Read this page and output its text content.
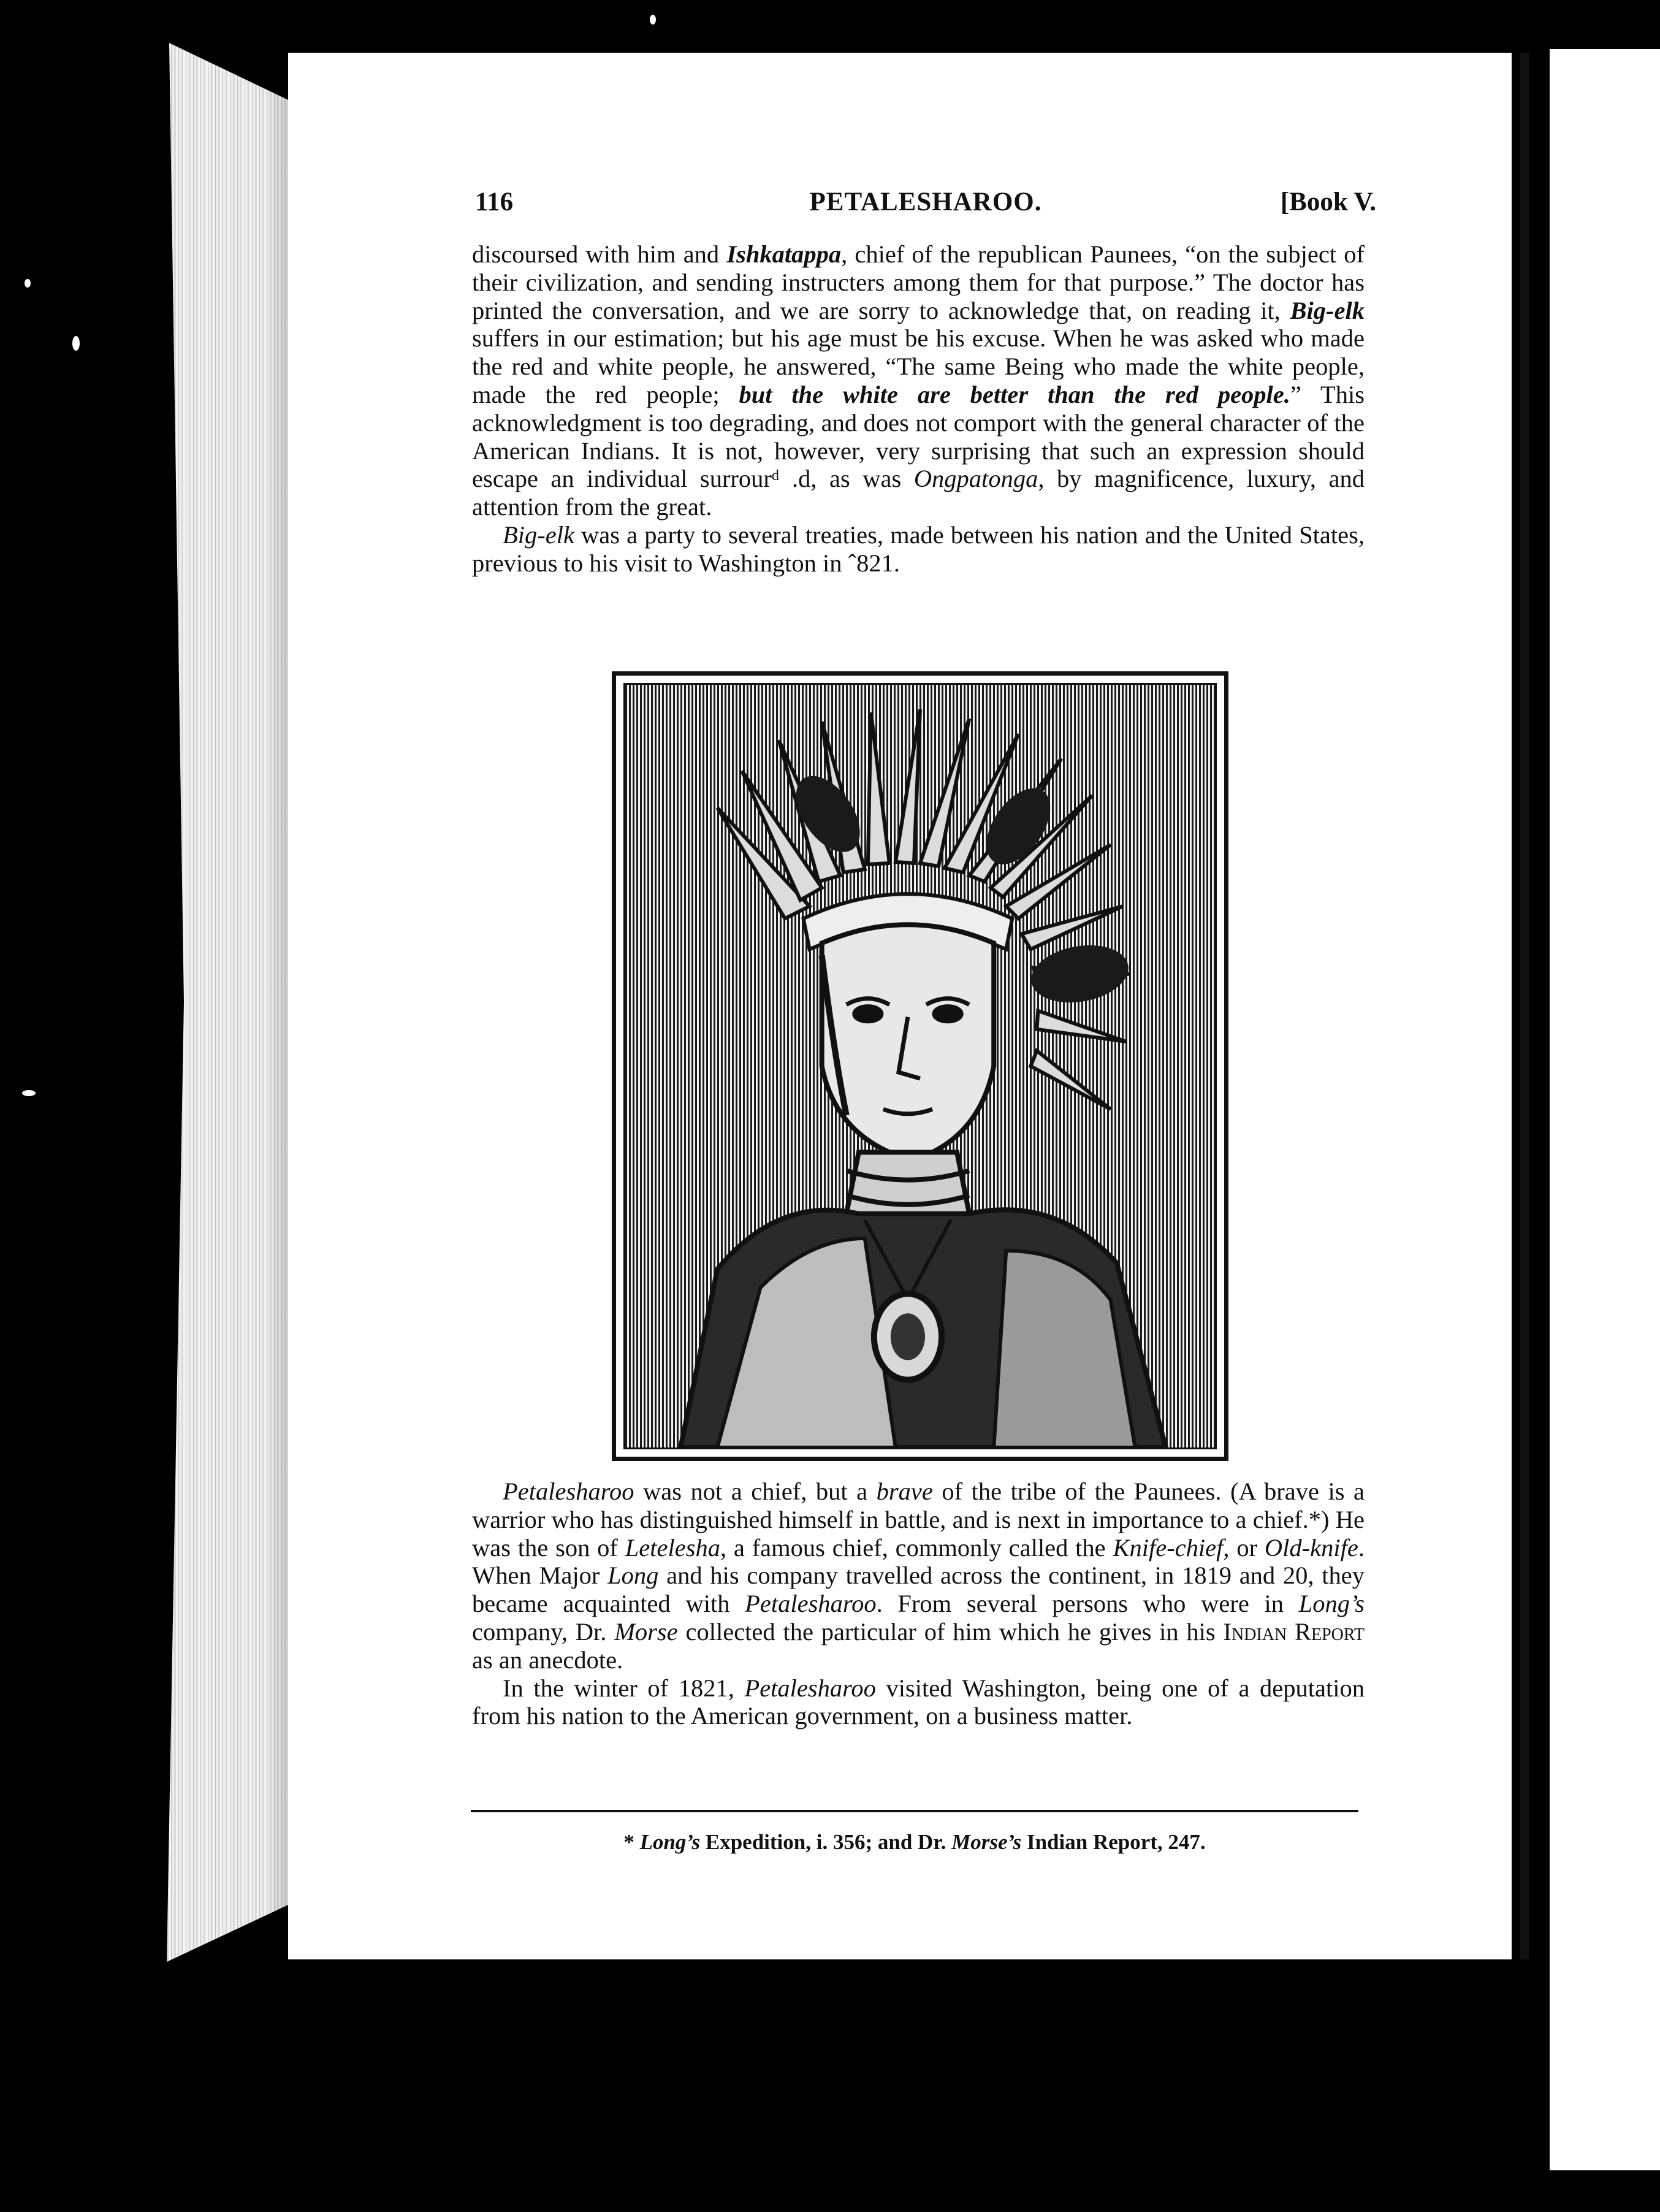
116	PETALESHAROO.	[Book V.

discoursed with him and Ishkatappa, chief of the republican Paunees, “on the subject of their civilization, and sending instructers among them for that purpose.” The doctor has printed the conversation, and we are sorry to acknowledge that, on reading it, Big-elk suffers in our estimation; but his age must be his excuse. When he was asked who made the red and white people, he answered, “The same Being who made the white people, made the red people; but the white are better than the red people.” This acknowledgment is too degrading, and does not comport with the general character of the American Indians. It is not, however, very surprising that such an expression should escape an individual surrourᵈ .d, as was Ongpatonga, by magnificence, luxury, and attention from the great.

Big-elk was a party to several treaties, made between his nation and the United States, previous to his visit to Washington in ˆ821.

Petalesharoo was not a chief, but a brave of the tribe of the Paunees. (A brave is a warrior who has distinguished himself in battle, and is next in importance to a chief.*) He was the son of Letelesha, a famous chief, commonly called the Knife-chief, or Old-knife. When Major Long and his company travelled across the continent, in 1819 and 20, they became acquainted with Petalesharoo. From several persons who were in Long’s company, Dr. Morse collected the particular of him which he gives in his Indian Report as an anecdote.

In the winter of 1821, Petalesharoo visited Washington, being one of a deputation from his nation to the American government, on a business matter.

* Long’s Expedition, i. 356; and Dr. Morse’s Indian Report, 247.
